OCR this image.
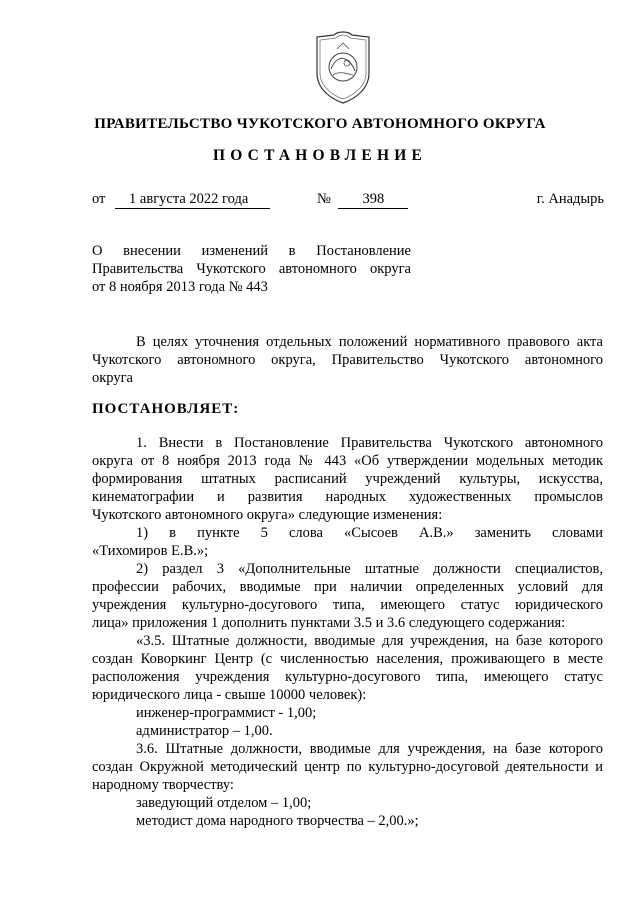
ПРАВИТЕЛЬСТВО ЧУКОТСКОГО АВТОНОМНОГО ОКРУГА
ПОСТАНОВЛЕНИЕ
от 1 августа 2022 года	№ 398	г. Анадырь
О внесении изменений в Постановление
Правительства Чукотского автономного округа
от 8 ноября 2013 года № 443
В целях уточнения отдельных положений нормативного правового акта
Чукотского автономного округа, Правительство Чукотского автономного
округа
ПОСТАНОВЛЯЕТ:
1. Внести в Постановление Правительства Чукотского автономного
округа от 8 ноября 2013 года № 443 «Об утверждении модельных методик
формирования штатных расписаний учреждений культуры, искусства,
кинематографии и развития народных художественных промыслов
Чукотского автономного округа» следующие изменения:
1) в пункте 5 слова «Сысоев А.В.» заменить словами
«Тихомиров Е.В.»;
2) раздел 3 «Дополнительные штатные должности специалистов,
профессии рабочих, вводимые при наличии определенных условий для
учреждения культурно-досугового типа, имеющего статус юридического
лица» приложения 1 дополнить пунктами 3.5 и 3.6 следующего содержания:
«3.5. Штатные должности, вводимые для учреждения, на базе которого
создан Коворкинг Центр (с численностью населения, проживающего в месте
расположения учреждения культурно-досугового типа, имеющего статус
юридического лица - свыше 10000 человек):
инженер-программист - 1,00;
администратор – 1,00.
3.6. Штатные должности, вводимые для учреждения, на базе которого
создан Окружной методический центр по культурно-досуговой деятельности и
народному творчеству:
заведующий отделом – 1,00;
методист дома народного творчества – 2,00.»;
